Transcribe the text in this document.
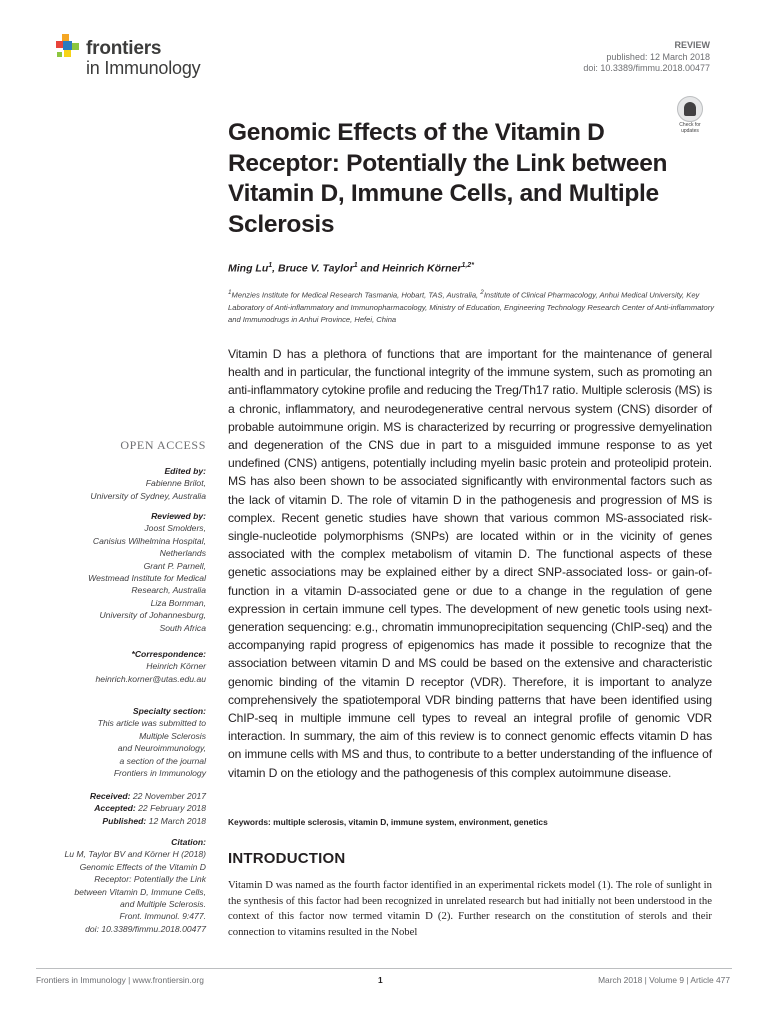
frontiers
in Immunology
REVIEW
published: 12 March 2018
doi: 10.3389/fimmu.2018.00477
Check for updates
Genomic Effects of the Vitamin D Receptor: Potentially the Link between Vitamin D, Immune Cells, and Multiple Sclerosis
Ming Lu$^1$, Bruce V. Taylor$^1$ and Heinrich Körner$^{1,2*}$
$^1$Menzies Institute for Medical Research Tasmania, Hobart, TAS, Australia, $^2$Institute of Clinical Pharmacology, Anhui Medical University, Key Laboratory of Anti-inflammatory and Immunopharmacology, Ministry of Education, Engineering Technology Research Center of Anti-inflammatory and Immunodrugs in Anhui Province, Hefei, China
Vitamin D has a plethora of functions that are important for the maintenance of general health and in particular, the functional integrity of the immune system, such as promoting an anti-inflammatory cytokine profile and reducing the Treg/Th17 ratio. Multiple sclerosis (MS) is a chronic, inflammatory, and neurodegenerative central nervous system (CNS) disorder of probable autoimmune origin. MS is characterized by recurring or progressive demyelination and degeneration of the CNS due in part to a misguided immune response to as yet undefined (CNS) antigens, potentially including myelin basic protein and proteolipid protein. MS has also been shown to be associated significantly with environmental factors such as the lack of vitamin D. The role of vitamin D in the pathogenesis and progression of MS is complex. Recent genetic studies have shown that various common MS-associated risk-single-nucleotide polymorphisms (SNPs) are located within or in the vicinity of genes associated with the complex metabolism of vitamin D. The functional aspects of these genetic associations may be explained either by a direct SNP-associated loss- or gain-of-function in a vitamin D-associated gene or due to a change in the regulation of gene expression in certain immune cell types. The development of new genetic tools using next-generation sequencing: e.g., chromatin immunoprecipitation sequencing (ChIP-seq) and the accompanying rapid progress of epigenomics has made it possible to recognize that the association between vitamin D and MS could be based on the extensive and characteristic genomic binding of the vitamin D receptor (VDR). Therefore, it is important to analyze comprehensively the spatiotemporal VDR binding patterns that have been identified using ChIP-seq in multiple immune cell types to reveal an integral profile of genomic VDR interaction. In summary, the aim of this review is to connect genomic effects vitamin D has on immune cells with MS and thus, to contribute to a better understanding of the influence of vitamin D on the etiology and the pathogenesis of this complex autoimmune disease.
Keywords: multiple sclerosis, vitamin D, immune system, environment, genetics
INTRODUCTION
Vitamin D was named as the fourth factor identified in an experimental rickets model (1). The role of sunlight in the synthesis of this factor had been recognized in unrelated research but had initially not been understood in the context of this factor now termed vitamin D (2). Further research on the constitution of sterols and their connection to vitamins resulted in the Nobel
OPEN ACCESS
Edited by:
Fabienne Brilot,
University of Sydney, Australia
Reviewed by:
Joost Smolders,
Canisius Wilhelmina Hospital,
Netherlands
Grant P. Parnell,
Westmead Institute for Medical
Research, Australia
Liza Bornman,
University of Johannesburg,
South Africa
*Correspondence:
Heinrich Körner
heinrich.korner@utas.edu.au
Specialty section:
This article was submitted to
Multiple Sclerosis
and Neuroimmunology,
a section of the journal
Frontiers in Immunology
Received: 22 November 2017
Accepted: 22 February 2018
Published: 12 March 2018
Citation:
Lu M, Taylor BV and Körner H (2018)
Genomic Effects of the Vitamin D
Receptor: Potentially the Link
between Vitamin D, Immune Cells,
and Multiple Sclerosis.
Front. Immunol. 9:477.
doi: 10.3389/fimmu.2018.00477
Frontiers in Immunology | www.frontiersin.org	1	March 2018 | Volume 9 | Article 477
